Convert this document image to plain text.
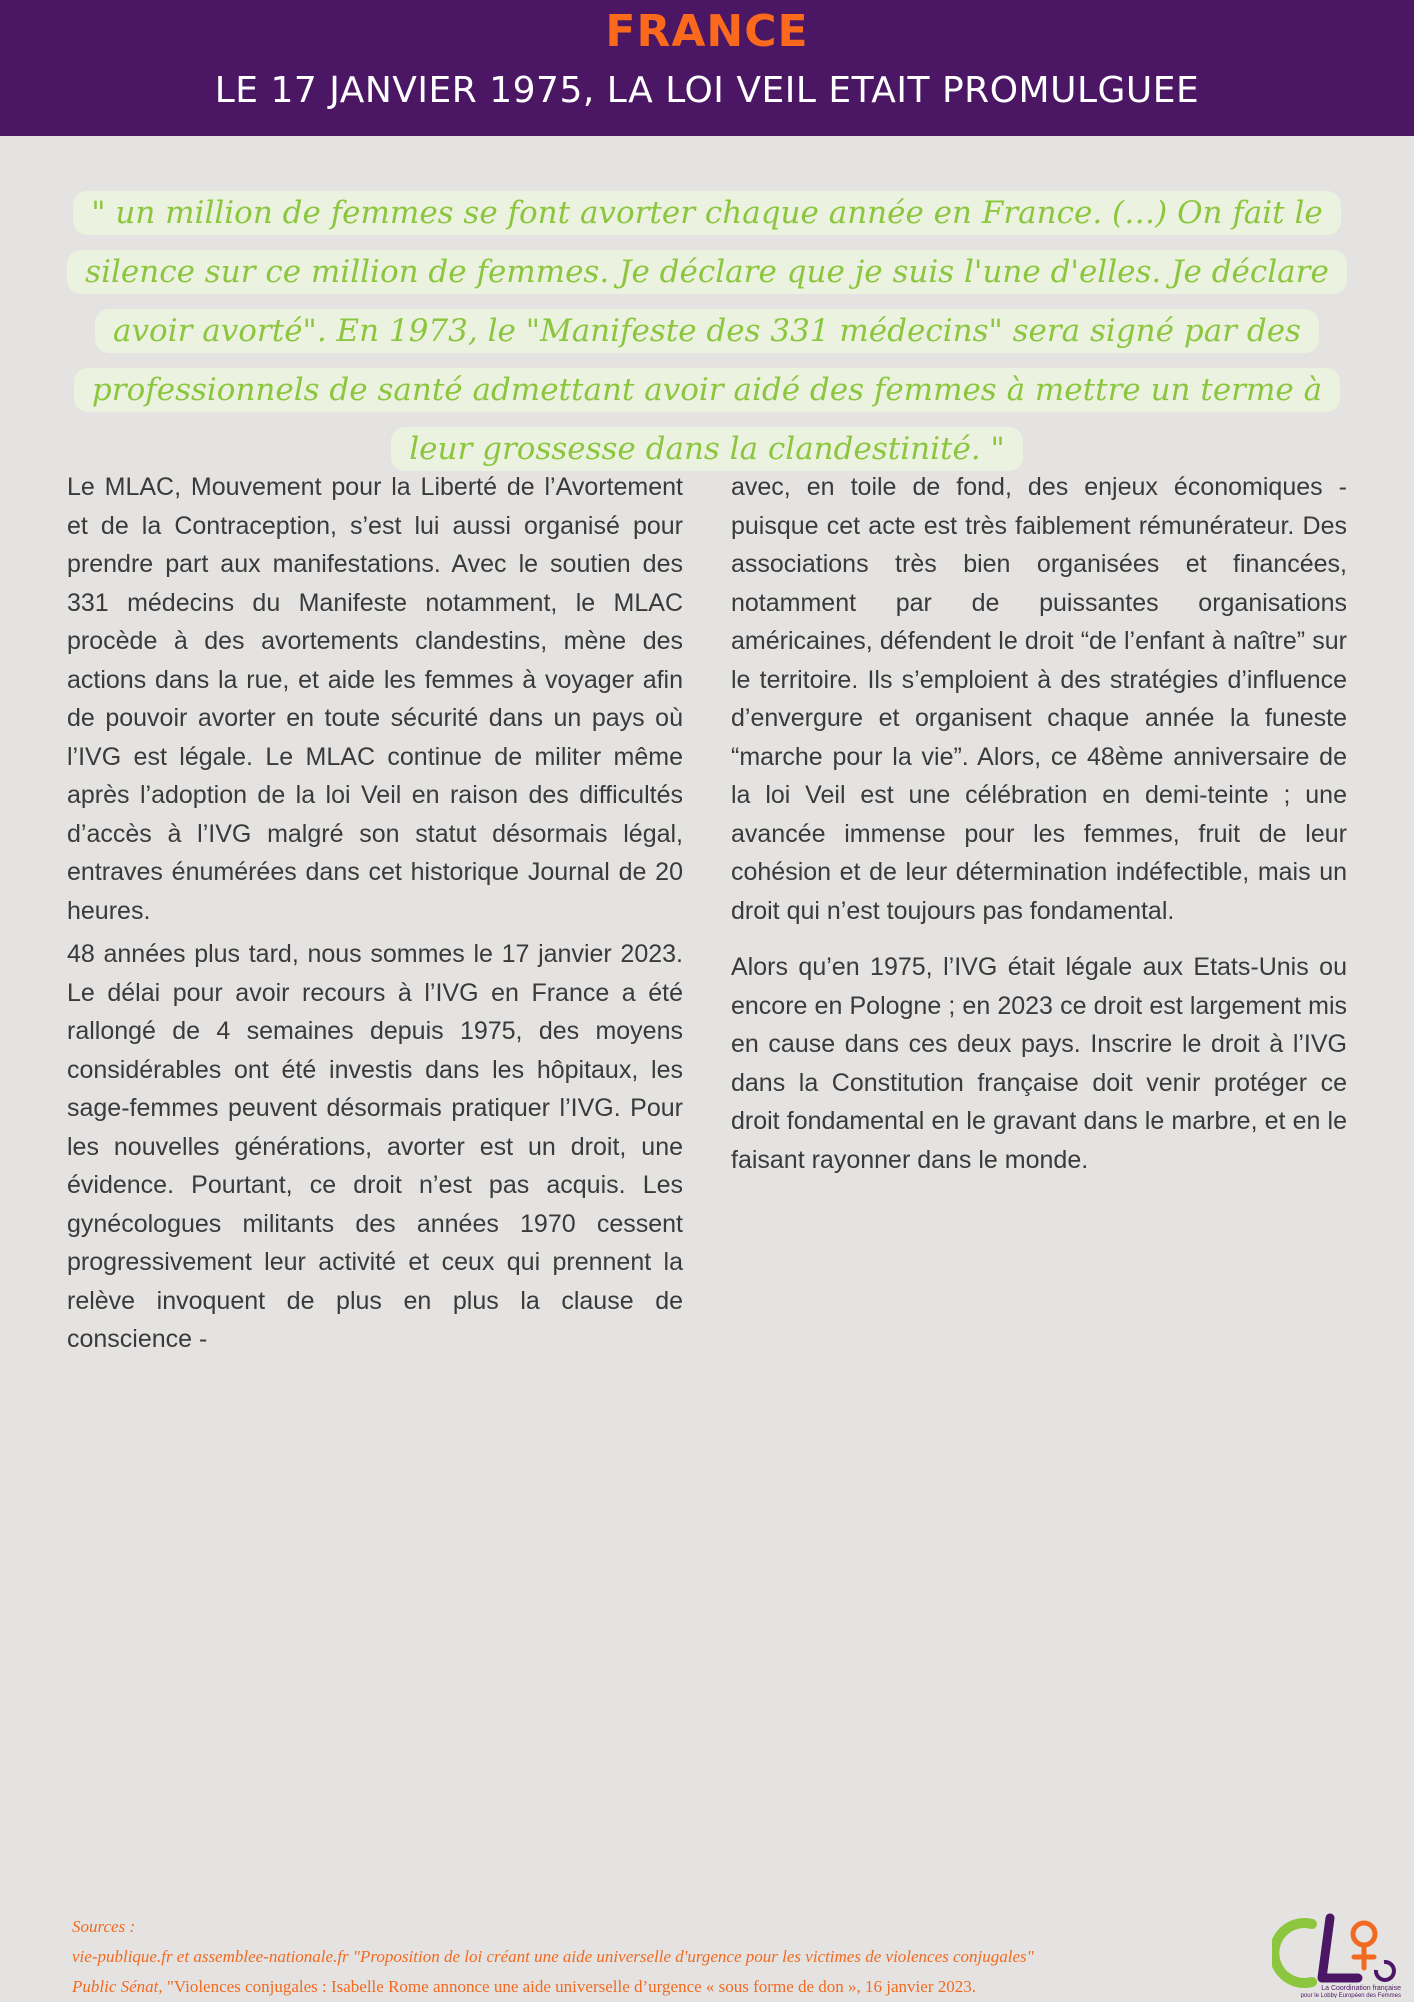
FRANCE
LE 17 JANVIER 1975, LA LOI VEIL ETAIT PROMULGUEE
" un million de femmes se font avorter chaque année en France. (…) On fait le silence sur ce million de femmes. Je déclare que je suis l'une d'elles. Je déclare avoir avorté". En 1973, le "Manifeste des 331 médecins" sera signé par des professionnels de santé admettant avoir aidé des femmes à mettre un terme à leur grossesse dans la clandestinité. "

Le MLAC, Mouvement pour la Liberté de l’Avortement et de la Contraception, s’est lui aussi organisé pour prendre part aux manifestations. Avec le soutien des 331 médecins du Manifeste notamment, le MLAC procède à des avortements clandestins, mène des actions dans la rue, et aide les femmes à voyager afin de pouvoir avorter en toute sécurité dans un pays où l’IVG est légale. Le MLAC continue de militer même après l’adoption de la loi Veil en raison des difficultés d’accès à l’IVG malgré son statut désormais légal, entraves énumérées dans cet historique Journal de 20 heures.

48 années plus tard, nous sommes le 17 janvier 2023. Le délai pour avoir recours à l’IVG en France a été rallongé de 4 semaines depuis 1975, des moyens considérables ont été investis dans les hôpitaux, les sage-femmes peuvent désormais pratiquer l’IVG. Pour les nouvelles générations, avorter est un droit, une évidence. Pourtant, ce droit n’est pas acquis. Les gynécologues militants des années 1970 cessent progressivement leur activité et ceux qui prennent la relève invoquent de plus en plus la clause de conscience -

avec, en toile de fond, des enjeux économiques - puisque cet acte est très faiblement rémunérateur. Des associations très bien organisées et financées, notamment par de puissantes organisations américaines, défendent le droit “de l’enfant à naître” sur le territoire. Ils s’emploient à des stratégies d’influence d’envergure et organisent chaque année la funeste “marche pour la vie”. Alors, ce 48ème anniversaire de la loi Veil est une célébration en demi-teinte ; une avancée immense pour les femmes, fruit de leur cohésion et de leur détermination indéfectible, mais un droit qui n’est toujours pas fondamental.

Alors qu’en 1975, l’IVG était légale aux Etats-Unis ou encore en Pologne ; en 2023 ce droit est largement mis en cause dans ces deux pays. Inscrire le droit à l’IVG dans la Constitution française doit venir protéger ce droit fondamental en le gravant dans le marbre, et en le faisant rayonner dans le monde.

Sources :
vie-publique.fr et assemblee-nationale.fr "Proposition de loi créant une aide universelle d'urgence pour les victimes de violences conjugales"
Public Sénat, "Violences conjugales : Isabelle Rome annonce une aide universelle d’urgence « sous forme de don », 16 janvier 2023.	La Coordination française
pour le Lobby Européen des Femmes
